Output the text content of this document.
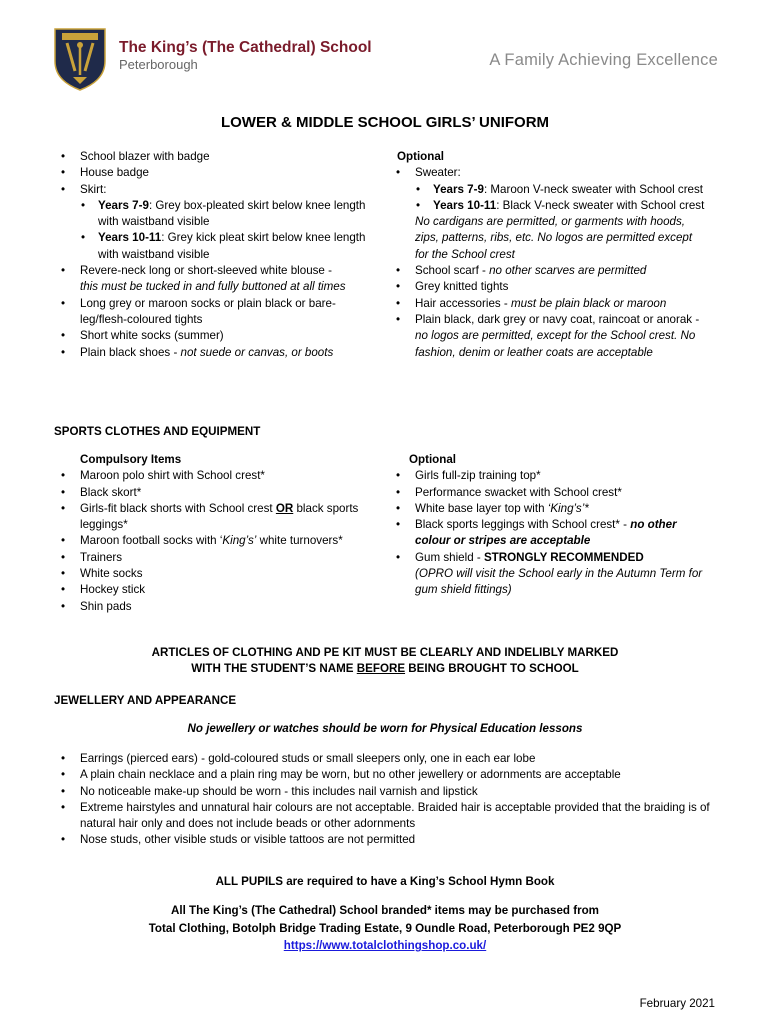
The King’s (The Cathedral) School
Peterborough	A Family Achieving Excellence
LOWER & MIDDLE SCHOOL GIRLS’ UNIFORM
• School blazer with badge
• House badge
• Skirt:
• Years 7-9: Grey box-pleated skirt below knee length with waistband visible
• Years 10-11: Grey kick pleat skirt below knee length with waistband visible
• Revere-neck long or short-sleeved white blouse -
this must be tucked in and fully buttoned at all times
• Long grey or maroon socks or plain black or bare-leg/flesh-coloured tights
• Short white socks (summer)
• Plain black shoes - not suede or canvas, or boots
Optional
• Sweater:
• Years 7-9: Maroon V-neck sweater with School crest
• Years 10-11: Black V-neck sweater with School crest
No cardigans are permitted, or garments with hoods, zips, patterns, ribs, etc. No logos are permitted except for the School crest
• School scarf - no other scarves are permitted
• Grey knitted tights
• Hair accessories - must be plain black or maroon
• Plain black, dark grey or navy coat, raincoat or anorak - no logos are permitted, except for the School crest. No fashion, denim or leather coats are acceptable
SPORTS CLOTHES AND EQUIPMENT
Compulsory Items
• Maroon polo shirt with School crest*
• Black skort*
• Girls-fit black shorts with School crest OR black sports leggings*
• Maroon football socks with ‘King’s’ white turnovers*
• Trainers
• White socks
• Hockey stick
• Shin pads
Optional
• Girls full-zip training top*
• Performance swacket with School crest*
• White base layer top with ‘King’s’*
• Black sports leggings with School crest* - no other colour or stripes are acceptable
• Gum shield - STRONGLY RECOMMENDED
(OPRO will visit the School early in the Autumn Term for gum shield fittings)
ARTICLES OF CLOTHING AND PE KIT MUST BE CLEARLY AND INDELIBLY MARKED
WITH THE STUDENT’S NAME BEFORE BEING BROUGHT TO SCHOOL
JEWELLERY AND APPEARANCE
No jewellery or watches should be worn for Physical Education lessons
• Earrings (pierced ears) - gold-coloured studs or small sleepers only, one in each ear lobe
• A plain chain necklace and a plain ring may be worn, but no other jewellery or adornments are acceptable
• No noticeable make-up should be worn - this includes nail varnish and lipstick
• Extreme hairstyles and unnatural hair colours are not acceptable. Braided hair is acceptable provided that the braiding is of natural hair only and does not include beads or other adornments
• Nose studs, other visible studs or visible tattoos are not permitted
ALL PUPILS are required to have a King’s School Hymn Book
All The King’s (The Cathedral) School branded* items may be purchased from
Total Clothing, Botolph Bridge Trading Estate, 9 Oundle Road, Peterborough PE2 9QP
https://www.totalclothingshop.co.uk/
February 2021
